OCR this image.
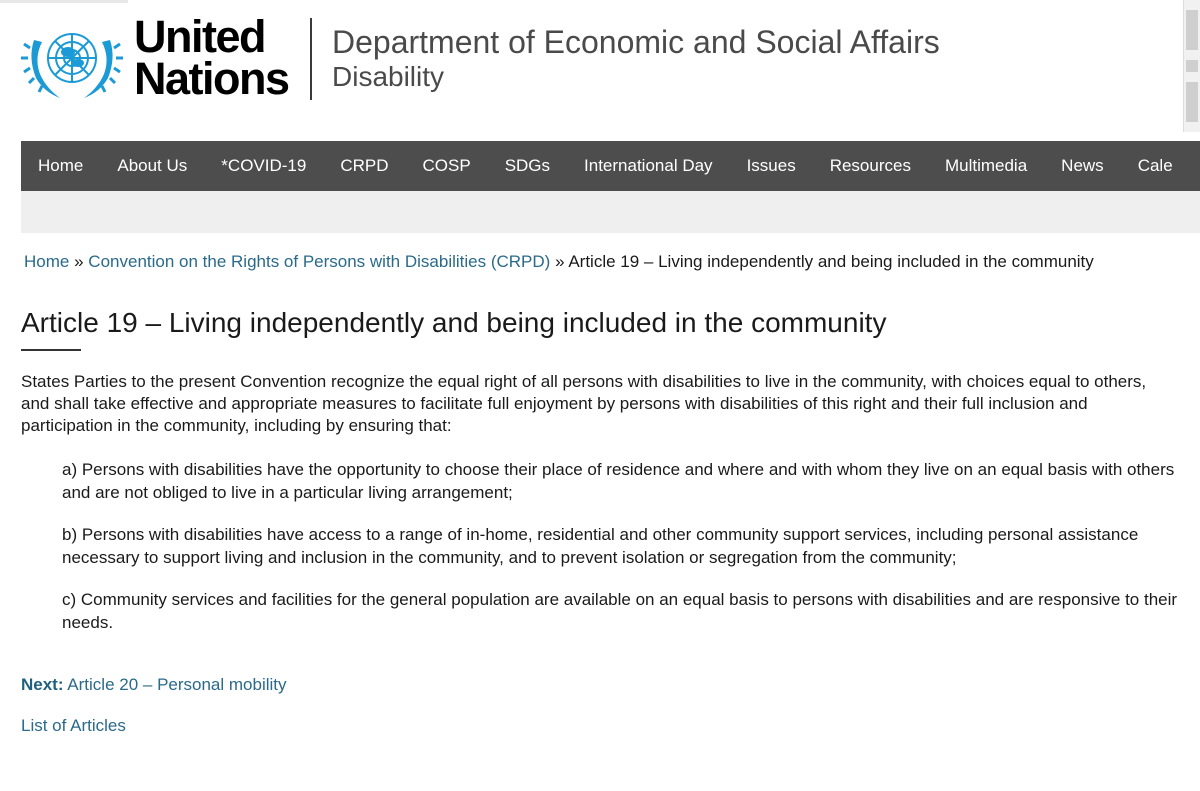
United
Nations
Department of Economic and Social Affairs
Disability
Home About Us *COVID-19 CRPD COSP SDGs International Day Issues Resources Multimedia News Cale
Home » Convention on the Rights of Persons with Disabilities (CRPD) » Article 19 – Living independently and being included in the community
Article 19 – Living independently and being included in the community

States Parties to the present Convention recognize the equal right of all persons with disabilities to live in the community, with choices equal to others, and shall take effective and appropriate measures to facilitate full enjoyment by persons with disabilities of this right and their full inclusion and participation in the community, including by ensuring that:

a) Persons with disabilities have the opportunity to choose their place of residence and where and with whom they live on an equal basis with others and are not obliged to live in a particular living arrangement;

b) Persons with disabilities have access to a range of in-home, residential and other community support services, including personal assistance necessary to support living and inclusion in the community, and to prevent isolation or segregation from the community;

c) Community services and facilities for the general population are available on an equal basis to persons with disabilities and are responsive to their needs.

Next: Article 20 – Personal mobility
List of Articles
